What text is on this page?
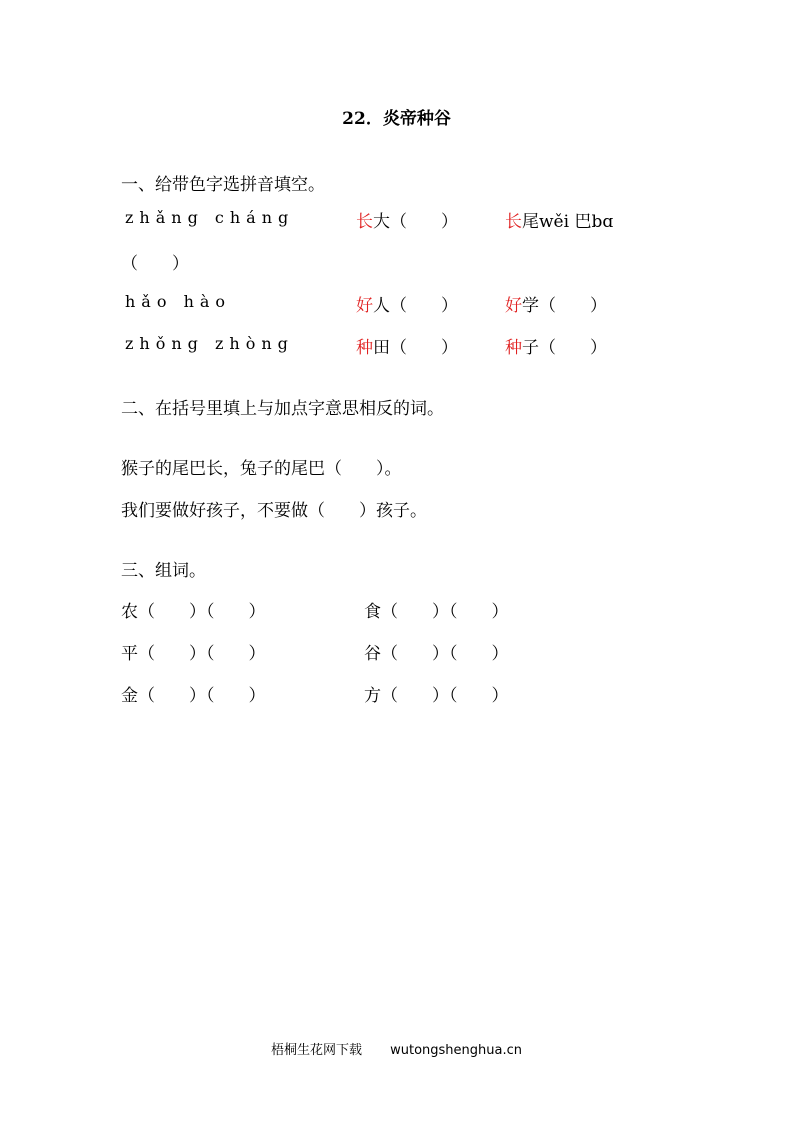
22．炎帝种谷
一、给带色字选拼音填空。
zhǎng cháng	长大（　　）	长尾wěi 巴bɑ
（　　）
hǎo hào	好人（　　）	好学（　　）
zhǒng zhòng	种田（　　）	种子（　　）
二、在括号里填上与加点字意思相反的词。
猴子的尾巴长，兔子的尾巴（　　）。
我们要做好孩子，不要做（　　）孩子。
三、组词。
农（　　）（　　）	食（　　）（　　）
平（　　）（　　）	谷（　　）（　　）
金（　　）（　　）	方（　　）（　　）
梧桐生花网下载 wutongshenghua.cn
